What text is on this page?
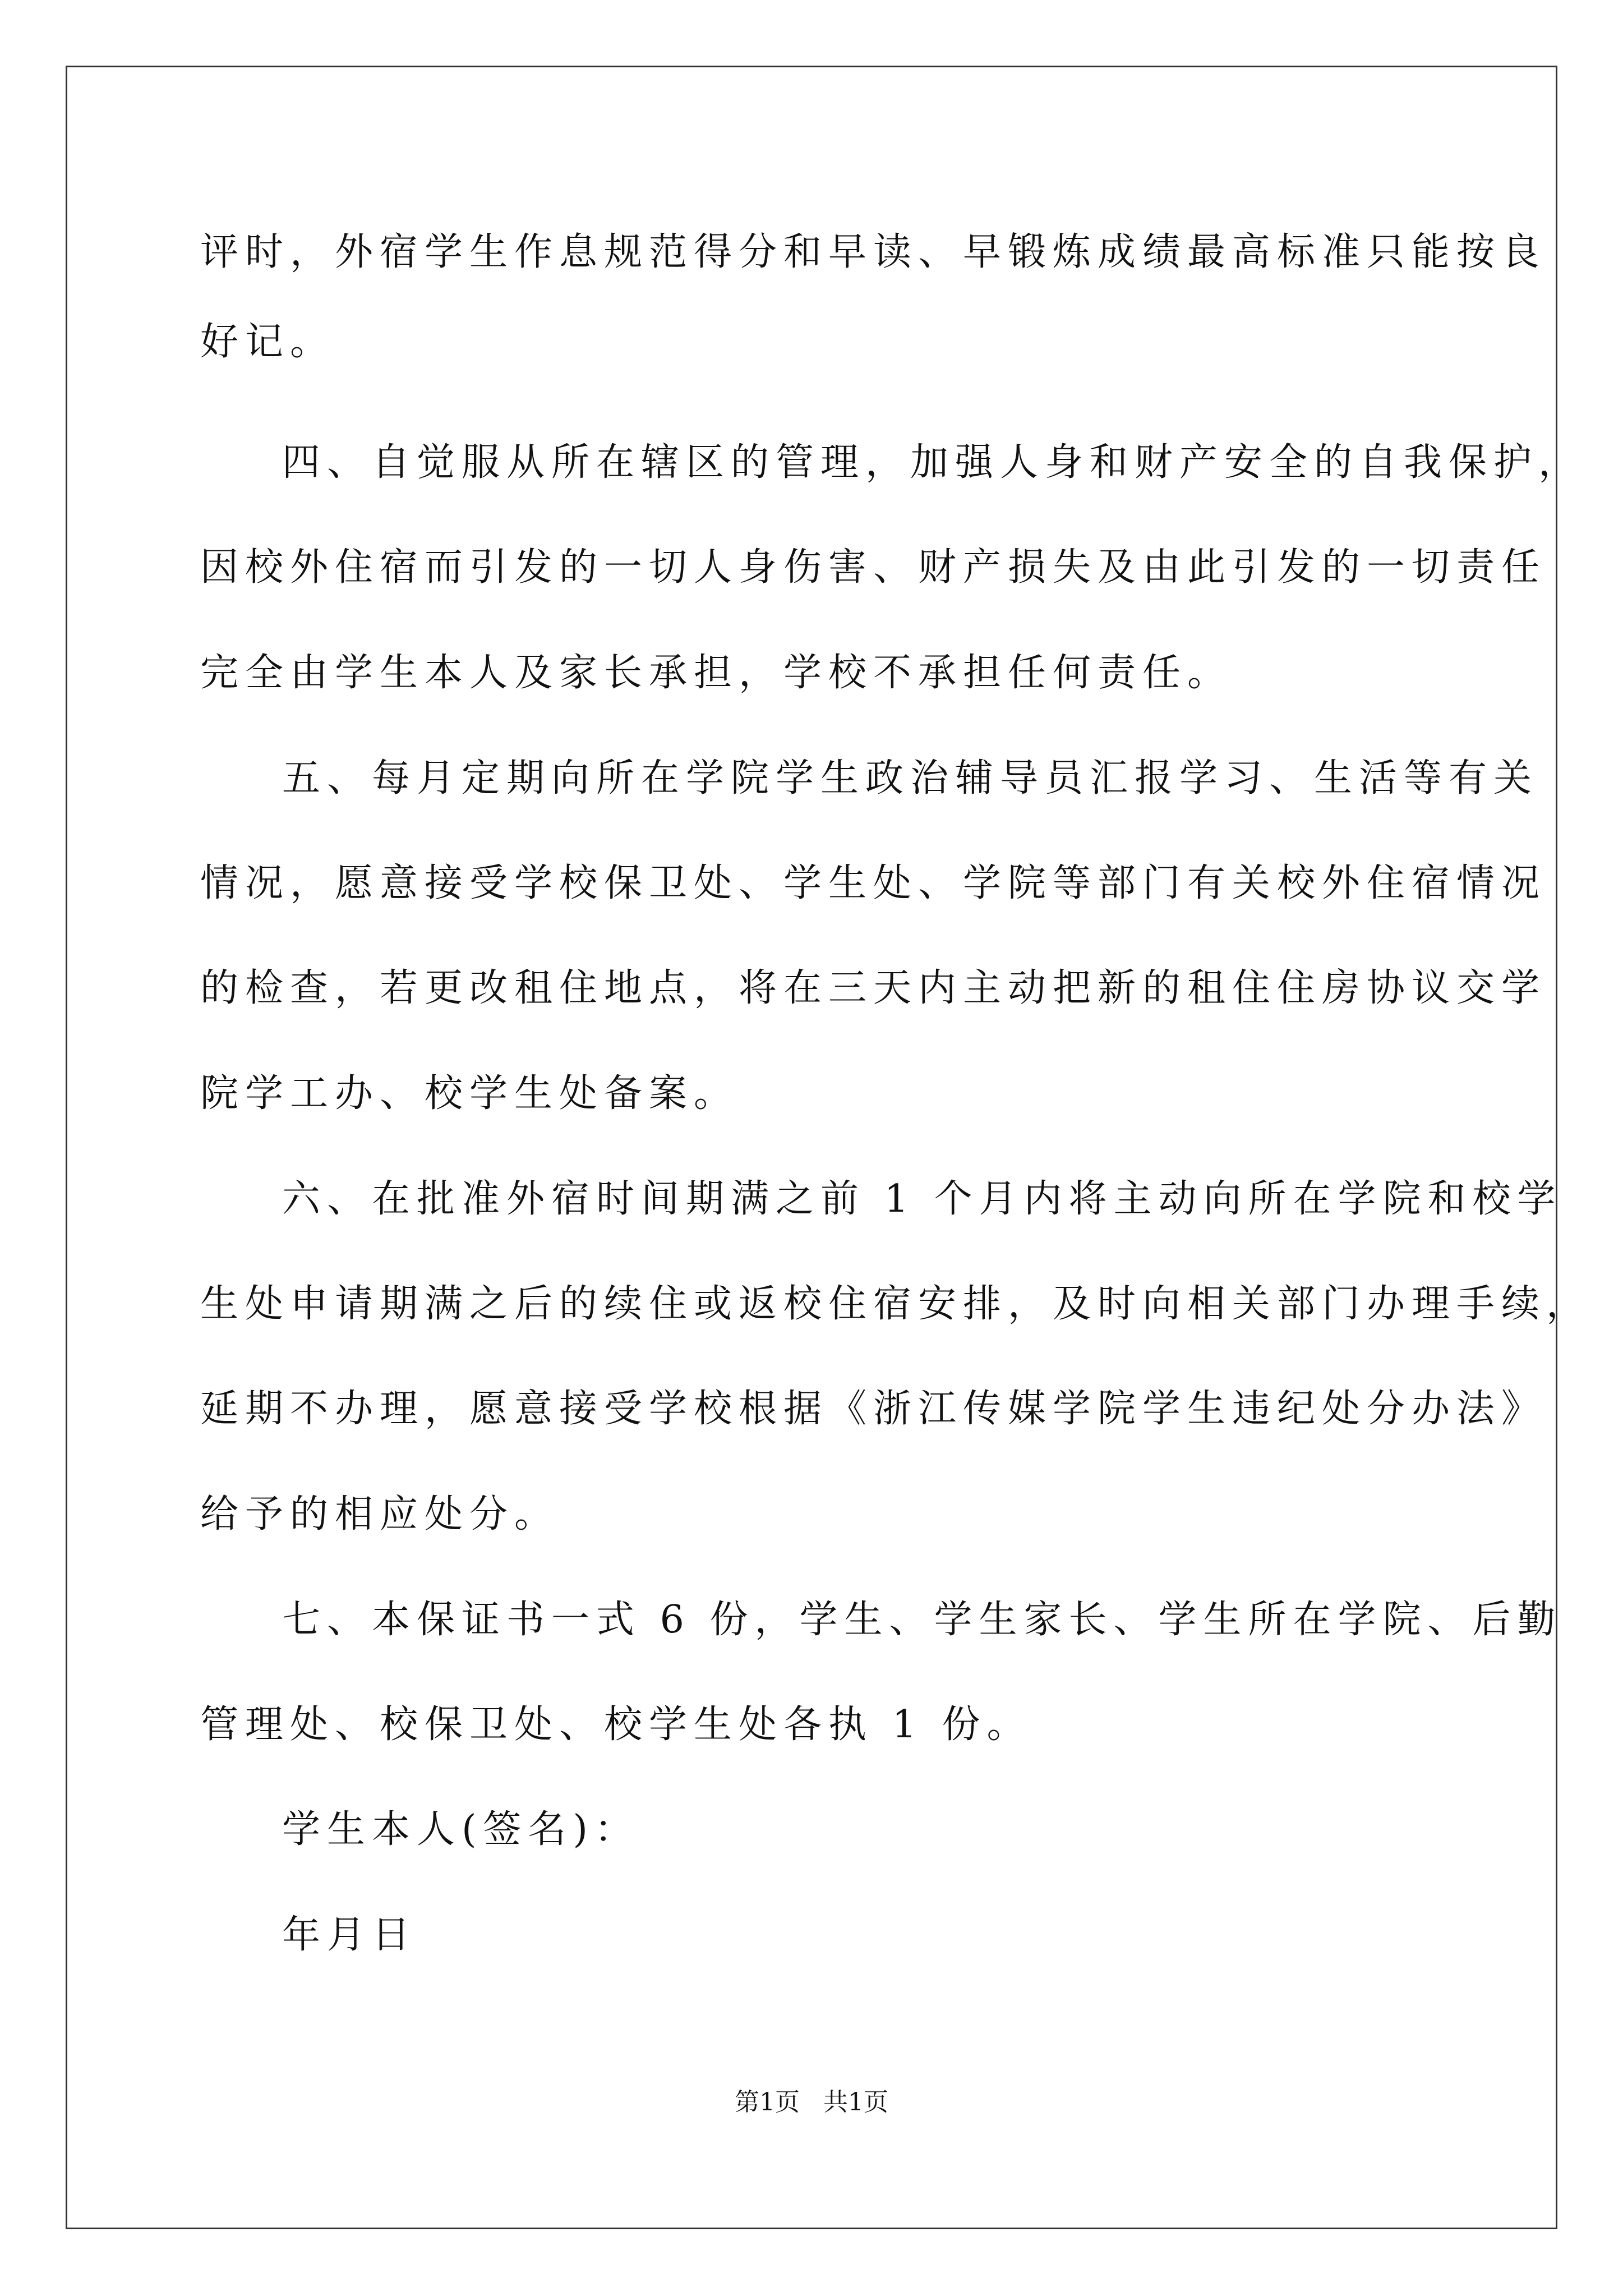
评时，外宿学生作息规范得分和早读、早锻炼成绩最高标准只能按良
好记。
四、自觉服从所在辖区的管理，加强人身和财产安全的自我保护，
因校外住宿而引发的一切人身伤害、财产损失及由此引发的一切责任
完全由学生本人及家长承担，学校不承担任何责任。
五、每月定期向所在学院学生政治辅导员汇报学习、生活等有关
情况，愿意接受学校保卫处、学生处、学院等部门有关校外住宿情况
的检查，若更改租住地点，将在三天内主动把新的租住住房协议交学
院学工办、校学生处备案。
六、在批准外宿时间期满之前 1 个月内将主动向所在学院和校学
生处申请期满之后的续住或返校住宿安排，及时向相关部门办理手续，
延期不办理，愿意接受学校根据《浙江传媒学院学生违纪处分办法》
给予的相应处分。
七、本保证书一式 6 份，学生、学生家长、学生所在学院、后勤
管理处、校保卫处、校学生处各执 1 份。
学生本人(签名)：
年月日
第1页   共1页
